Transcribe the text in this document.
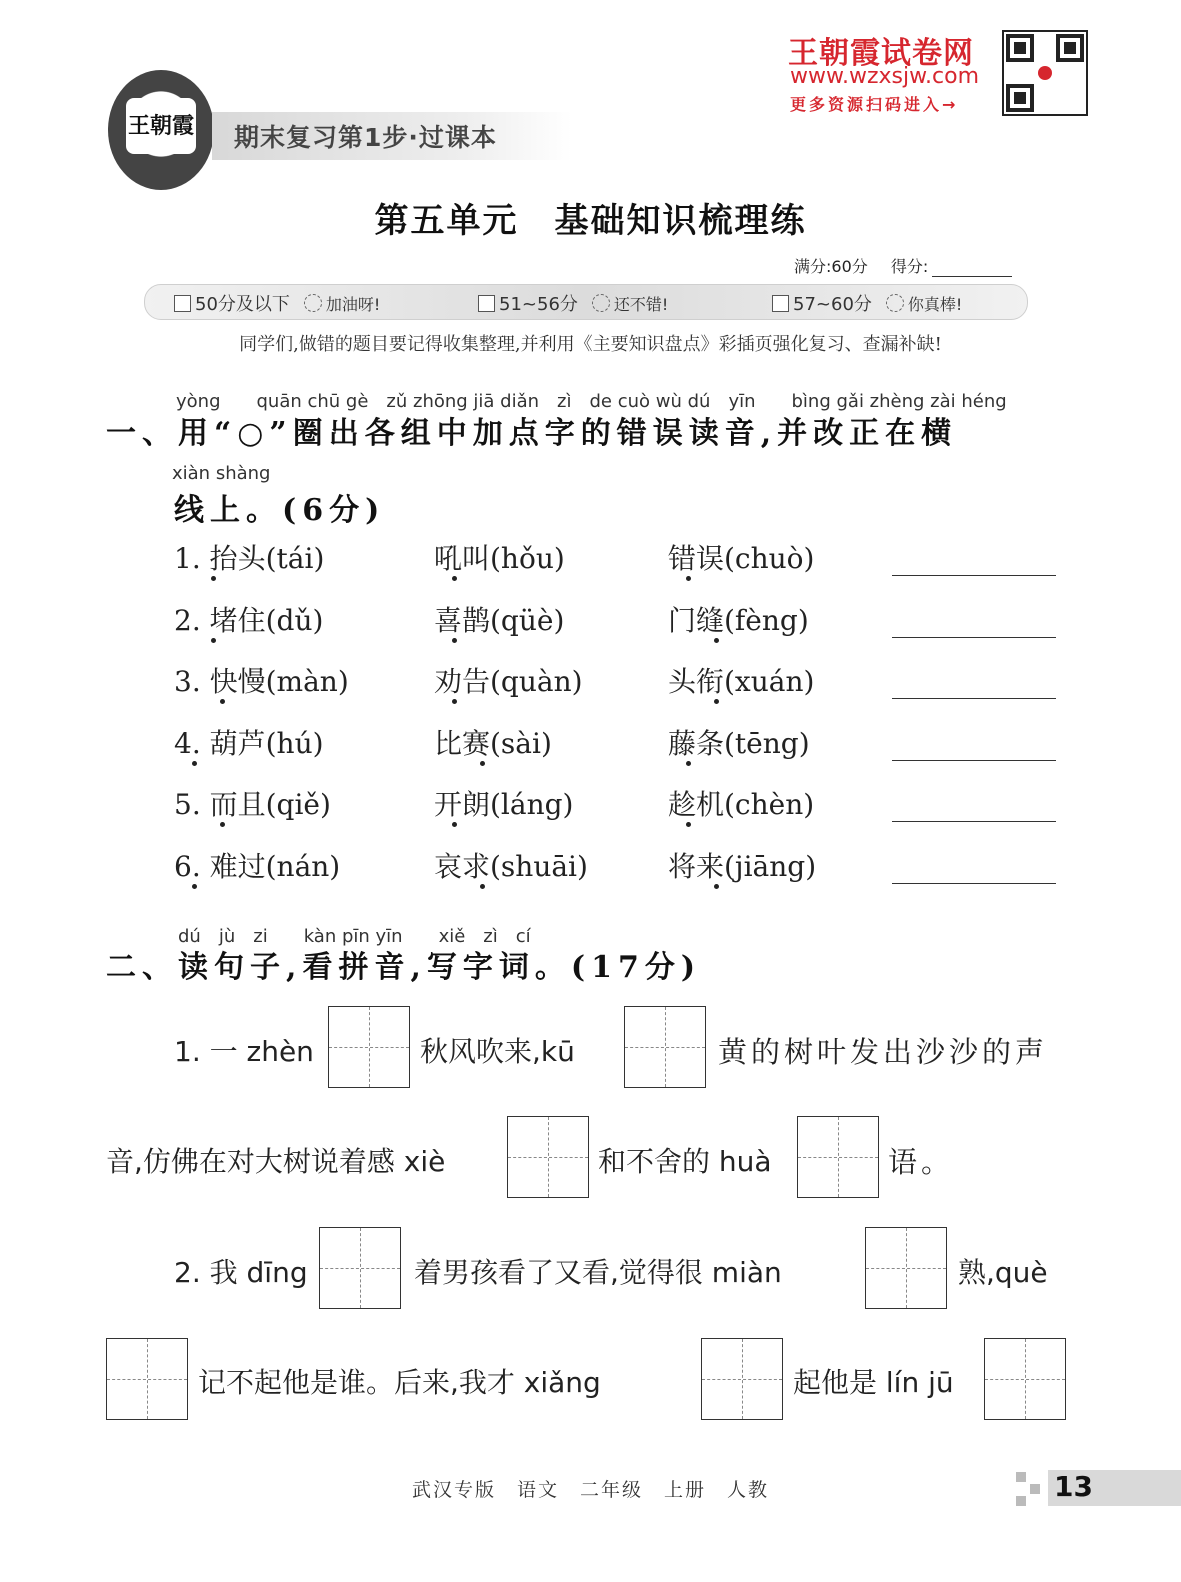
王朝霞 期末复习第1步·过课本
王朝霞试卷网
www.wzxsjw.com
更多资源扫码进入→
第五单元　基础知识梳理练
满分:60分 得分:
50分及以下 加油呀!	51~56分 还不错!	57~60分 你真棒!
同学们,做错的题目要记得收集整理,并利用《主要知识盘点》彩插页强化复习、查漏补缺!
yòng　　quān chū gè　zǔ zhōng jiā diǎn　zì　de cuò wù dú　yīn　　bìng gǎi zhèng zài héng
一、用“○”圈出各组中加点字的错误读音,并改正在横
xiàn shàng
线上。(6分)
1. 抬头(tái)	吼叫(hǒu)	错误(chuò)
2. 堵住(dǔ)	喜鹊(qüè)	门缝(fèng)
3. 快慢(màn)	劝告(quàn)	头衔(xuán)
4. 葫芦(hú)	比赛(sài)	藤条(tēng)
5. 而且(qiě)	开朗(láng)	趁机(chèn)
6. 难过(nán)	哀求(shuāi)	将来(jiāng)
dú　jù　zi　　kàn pīn yīn　　xiě　zì　cí
二、读句子,看拼音,写字词。(17分)
1. 一 zhèn	秋风吹来,kū	黄的树叶发出沙沙的声
音,仿佛在对大树说着感 xiè	和不舍的 huà	语。
2. 我 dīng	着男孩看了又看,觉得很 miàn	熟,què
记不起他是谁。后来,我才 xiǎng	起他是 lín jū
武汉专版　语文　二年级　上册　人教	13
